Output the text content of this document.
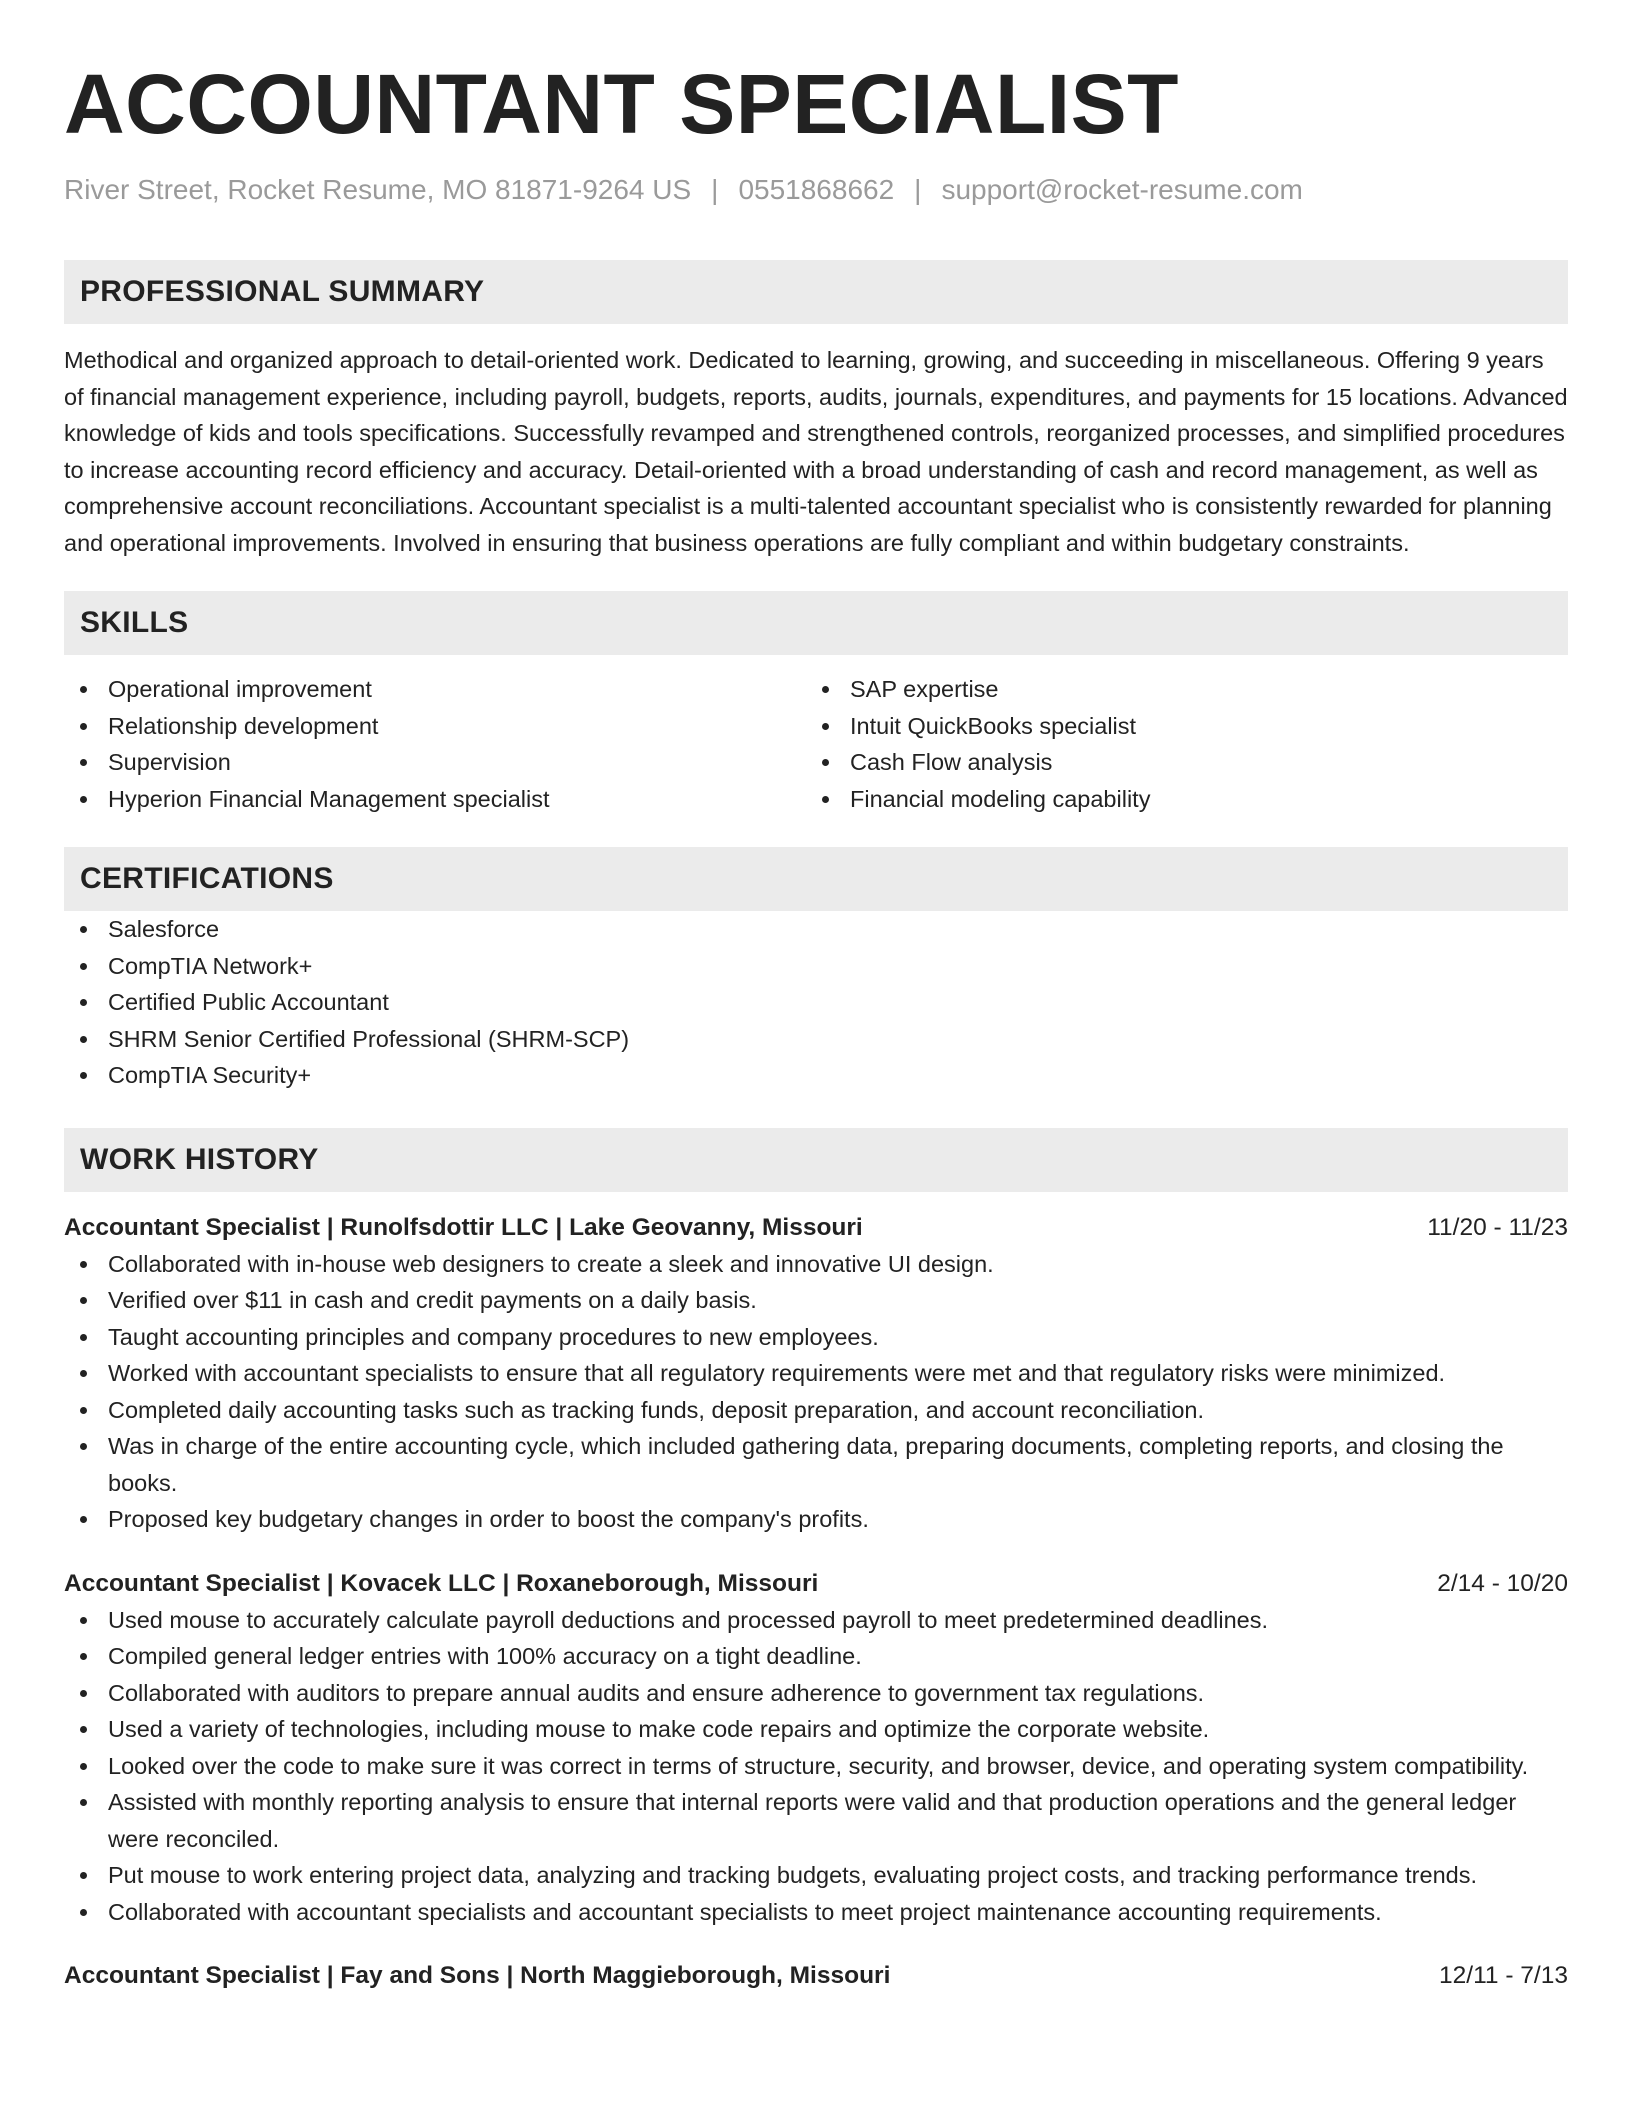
ACCOUNTANT SPECIALIST
River Street, Rocket Resume, MO 81871-9264 US | 0551868662 | support@rocket-resume.com
PROFESSIONAL SUMMARY
Methodical and organized approach to detail-oriented work. Dedicated to learning, growing, and succeeding in miscellaneous. Offering 9 years of financial management experience, including payroll, budgets, reports, audits, journals, expenditures, and payments for 15 locations. Advanced knowledge of kids and tools specifications. Successfully revamped and strengthened controls, reorganized processes, and simplified procedures to increase accounting record efficiency and accuracy. Detail-oriented with a broad understanding of cash and record management, as well as comprehensive account reconciliations. Accountant specialist is a multi-talented accountant specialist who is consistently rewarded for planning and operational improvements. Involved in ensuring that business operations are fully compliant and within budgetary constraints.
SKILLS
Operational improvement
Relationship development
Supervision
Hyperion Financial Management specialist
SAP expertise
Intuit QuickBooks specialist
Cash Flow analysis
Financial modeling capability
CERTIFICATIONS
Salesforce
CompTIA Network+
Certified Public Accountant
SHRM Senior Certified Professional (SHRM-SCP)
CompTIA Security+
WORK HISTORY
Accountant Specialist | Runolfsdottir LLC | Lake Geovanny, Missouri	11/20 - 11/23
Collaborated with in-house web designers to create a sleek and innovative UI design.
Verified over $11 in cash and credit payments on a daily basis.
Taught accounting principles and company procedures to new employees.
Worked with accountant specialists to ensure that all regulatory requirements were met and that regulatory risks were minimized.
Completed daily accounting tasks such as tracking funds, deposit preparation, and account reconciliation.
Was in charge of the entire accounting cycle, which included gathering data, preparing documents, completing reports, and closing the books.
Proposed key budgetary changes in order to boost the company's profits.
Accountant Specialist | Kovacek LLC | Roxaneborough, Missouri	2/14 - 10/20
Used mouse to accurately calculate payroll deductions and processed payroll to meet predetermined deadlines.
Compiled general ledger entries with 100% accuracy on a tight deadline.
Collaborated with auditors to prepare annual audits and ensure adherence to government tax regulations.
Used a variety of technologies, including mouse to make code repairs and optimize the corporate website.
Looked over the code to make sure it was correct in terms of structure, security, and browser, device, and operating system compatibility.
Assisted with monthly reporting analysis to ensure that internal reports were valid and that production operations and the general ledger were reconciled.
Put mouse to work entering project data, analyzing and tracking budgets, evaluating project costs, and tracking performance trends.
Collaborated with accountant specialists and accountant specialists to meet project maintenance accounting requirements.
Accountant Specialist | Fay and Sons | North Maggieborough, Missouri	12/11 - 7/13
